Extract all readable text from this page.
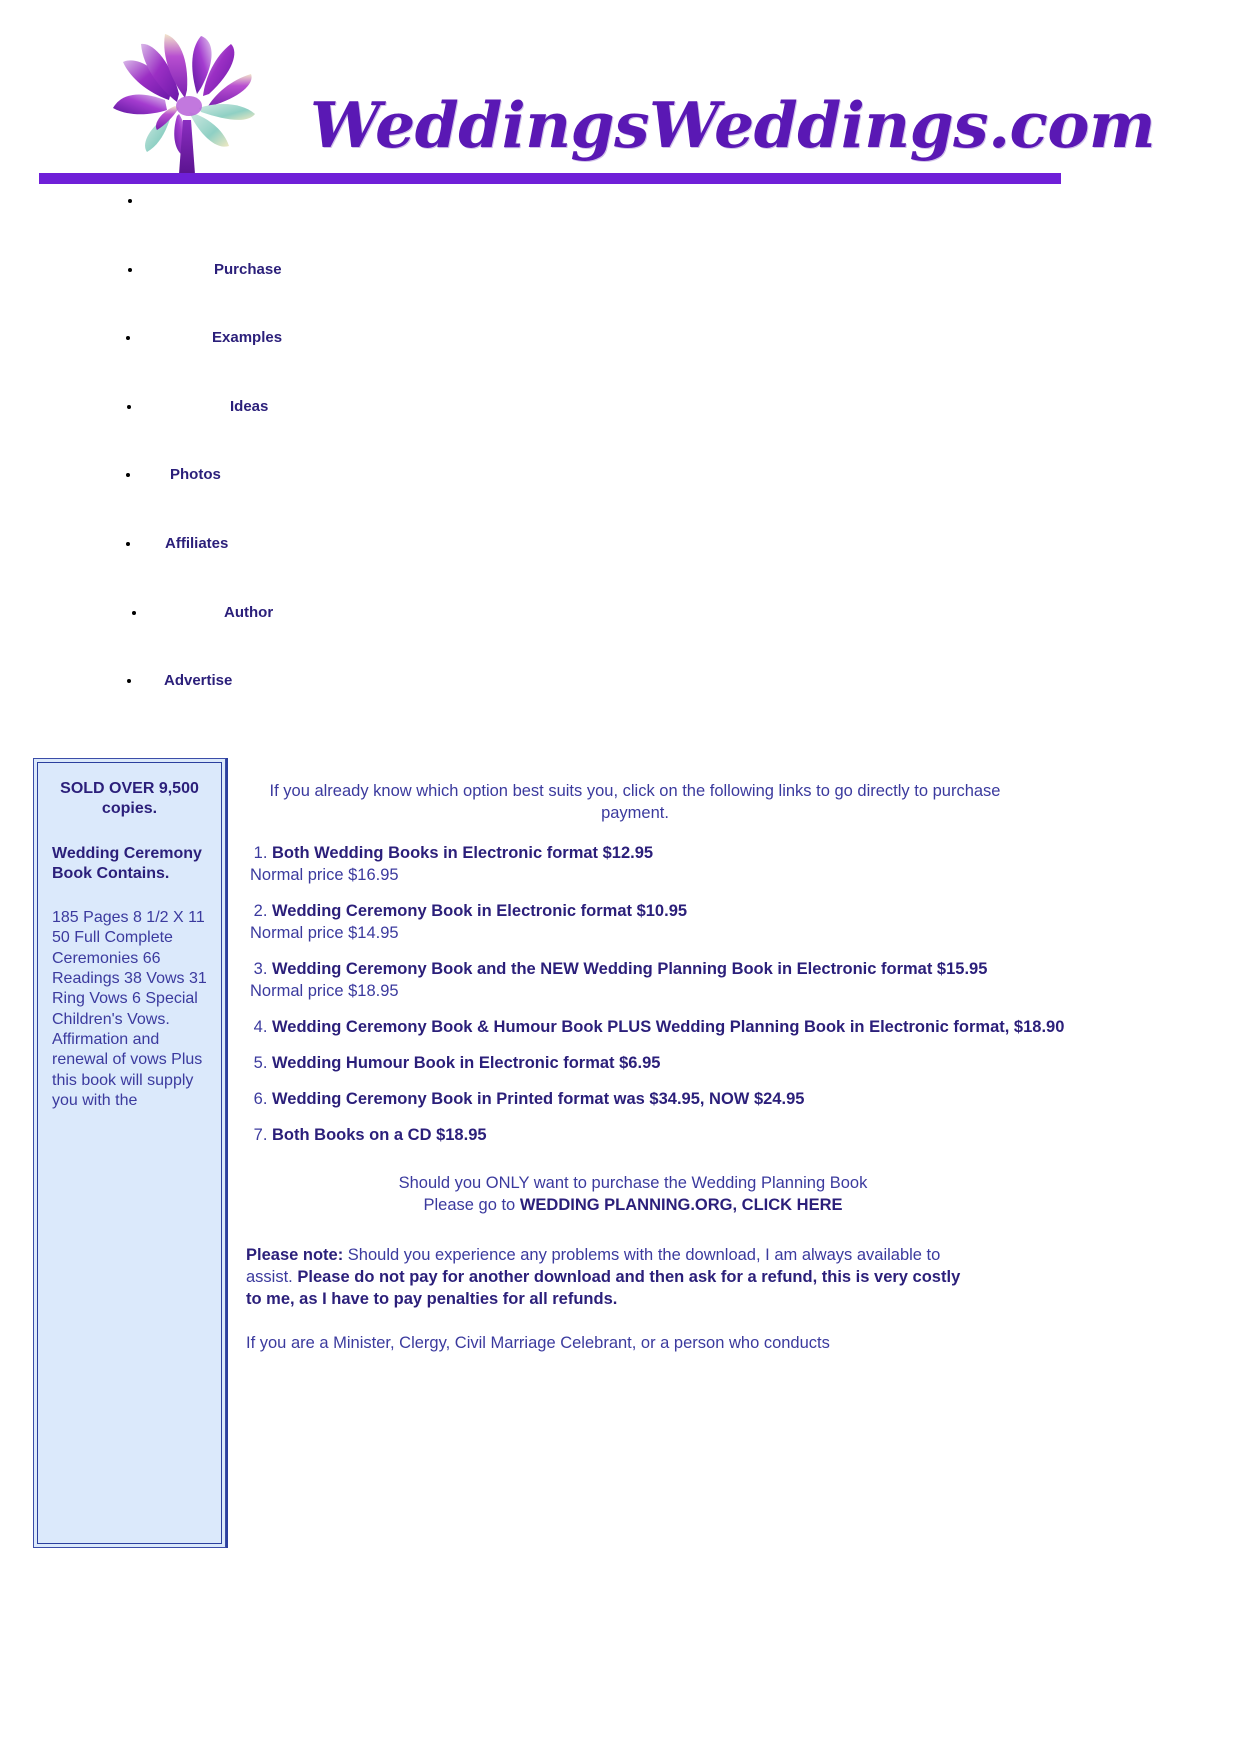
WeddingsWeddings.com
Purchase
Examples
Ideas
Photos
Affiliates
Author
Advertise
SOLD OVER 9,500 copies.
Wedding Ceremony Book Contains.
185 Pages 8 1/2 X 11 50 Full Complete Ceremonies 66 Readings 38 Vows 31 Ring Vows 6 Special Children's Vows. Affirmation and renewal of vows Plus this book will supply you with the

If you already know which option best suits you, click on the following links to go directly to purchase payment.

1. Both Wedding Books in Electronic format $12.95
Normal price $16.95
2. Wedding Ceremony Book in Electronic format $10.95
Normal price $14.95
3. Wedding Ceremony Book and the NEW Wedding Planning Book in Electronic format $15.95
Normal price $18.95
4. Wedding Ceremony Book & Humour Book PLUS Wedding Planning Book in Electronic format, $18.90
5. Wedding Humour Book in Electronic format $6.95
6. Wedding Ceremony Book in Printed format was $34.95, NOW $24.95
7. Both Books on a CD $18.95

Should you ONLY want to purchase the Wedding Planning Book
Please go to WEDDING PLANNING.ORG, CLICK HERE

Please note: Should you experience any problems with the download, I am always available to assist. Please do not pay for another download and then ask for a refund, this is very costly to me, as I have to pay penalties for all refunds.

If you are a Minister, Clergy, Civil Marriage Celebrant, or a person who conducts
